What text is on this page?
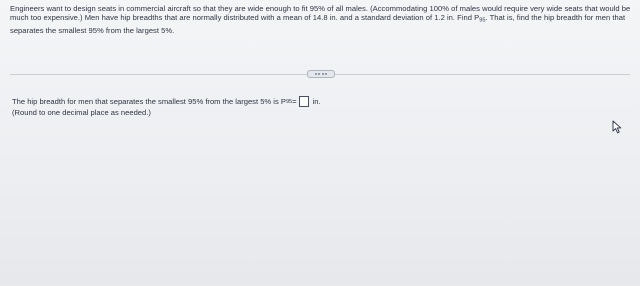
Engineers want to design seats in commercial aircraft so that they are wide enough to fit 95% of all males. (Accommodating 100% of males would require very wide seats that would be much too expensive.) Men have hip breadths that are normally distributed with a mean of 14.8 in. and a standard deviation of 1.2 in. Find $P_{95}$. That is, find the hip breadth for men that separates the smallest 95% from the largest 5%.
The hip breadth for men that separates the smallest 95% from the largest 5% is P 95 = in.
(Round to one decimal place as needed.)
